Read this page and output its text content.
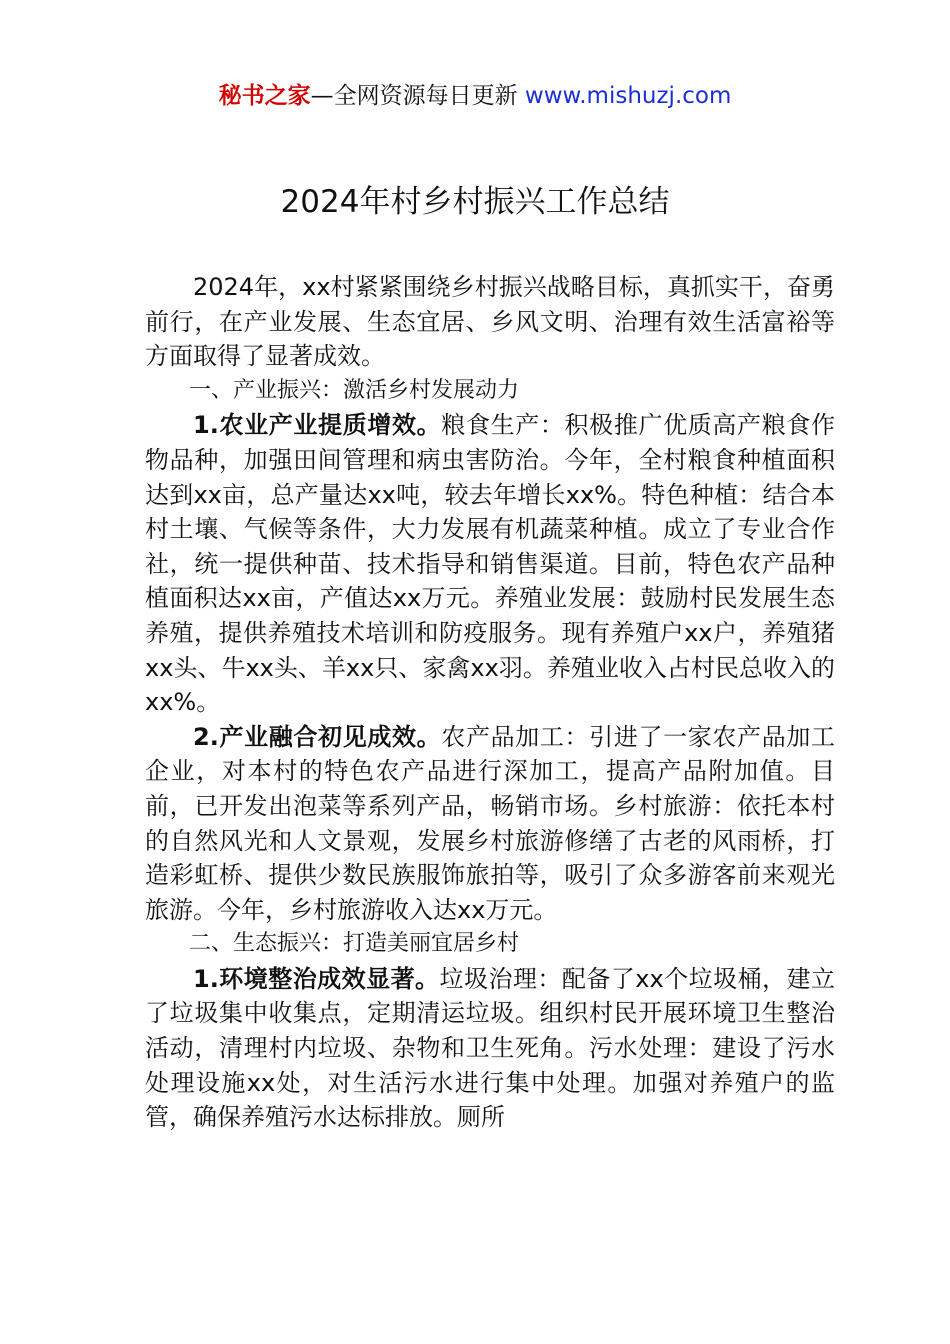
秘书之家—全网资源每日更新 www.mishuzj.com
2024年村乡村振兴工作总结

2024年，xx村紧紧围绕乡村振兴战略目标，真抓实干，奋勇前行，在产业发展、生态宜居、乡风文明、治理有效生活富裕等方面取得了显著成效。

一、产业振兴：激活乡村发展动力

1.农业产业提质增效。粮食生产：积极推广优质高产粮食作物品种，加强田间管理和病虫害防治。今年，全村粮食种植面积达到xx亩，总产量达xx吨，较去年增长xx%。特色种植：结合本村土壤、气候等条件，大力发展有机蔬菜种植。成立了专业合作社，统一提供种苗、技术指导和销售渠道。目前，特色农产品种植面积达xx亩，产值达xx万元。养殖业发展：鼓励村民发展生态养殖，提供养殖技术培训和防疫服务。现有养殖户xx户，养殖猪xx头、牛xx头、羊xx只、家禽xx羽。养殖业收入占村民总收入的xx%。

2.产业融合初见成效。农产品加工：引进了一家农产品加工企业，对本村的特色农产品进行深加工，提高产品附加值。目前，已开发出泡菜等系列产品，畅销市场。乡村旅游：依托本村的自然风光和人文景观，发展乡村旅游修缮了古老的风雨桥，打造彩虹桥、提供少数民族服饰旅拍等，吸引了众多游客前来观光旅游。今年，乡村旅游收入达xx万元。

二、生态振兴：打造美丽宜居乡村

1.环境整治成效显著。垃圾治理：配备了xx个垃圾桶，建立了垃圾集中收集点，定期清运垃圾。组织村民开展环境卫生整治活动，清理村内垃圾、杂物和卫生死角。污水处理：建设了污水处理设施xx处，对生活污水进行集中处理。加强对养殖户的监管，确保养殖污水达标排放。厕所
